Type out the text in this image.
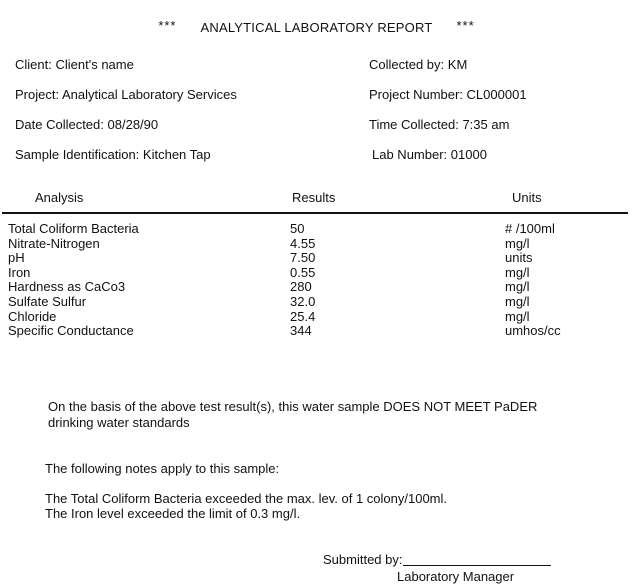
*** ANALYTICAL LABORATORY REPORT ***
Client: Client's name
Project: Analytical Laboratory Services
Date Collected: 08/28/90
Sample Identification: Kitchen Tap
Collected by: KM
Project Number: CL000001
Time Collected: 7:35 am
Lab Number: 01000
Analysis	Results	Units
Total Coliform Bacteria	50	# /100ml
Nitrate-Nitrogen	4.55	mg/l
pH	7.50	units
Iron	0.55	mg/l
Hardness as CaCo3	280	mg/l
Sulfate Sulfur	32.0	mg/l
Chloride	25.4	mg/l
Specific Conductance	344	umhos/cc
On the basis of the above test result(s), this water sample DOES NOT MEET PaDER
drinking water standards
The following notes apply to this sample:
The Total Coliform Bacteria exceeded the max. lev. of 1 colony/100ml.
The Iron level exceeded the limit of 0.3 mg/l.
Submitted by:
Laboratory Manager
